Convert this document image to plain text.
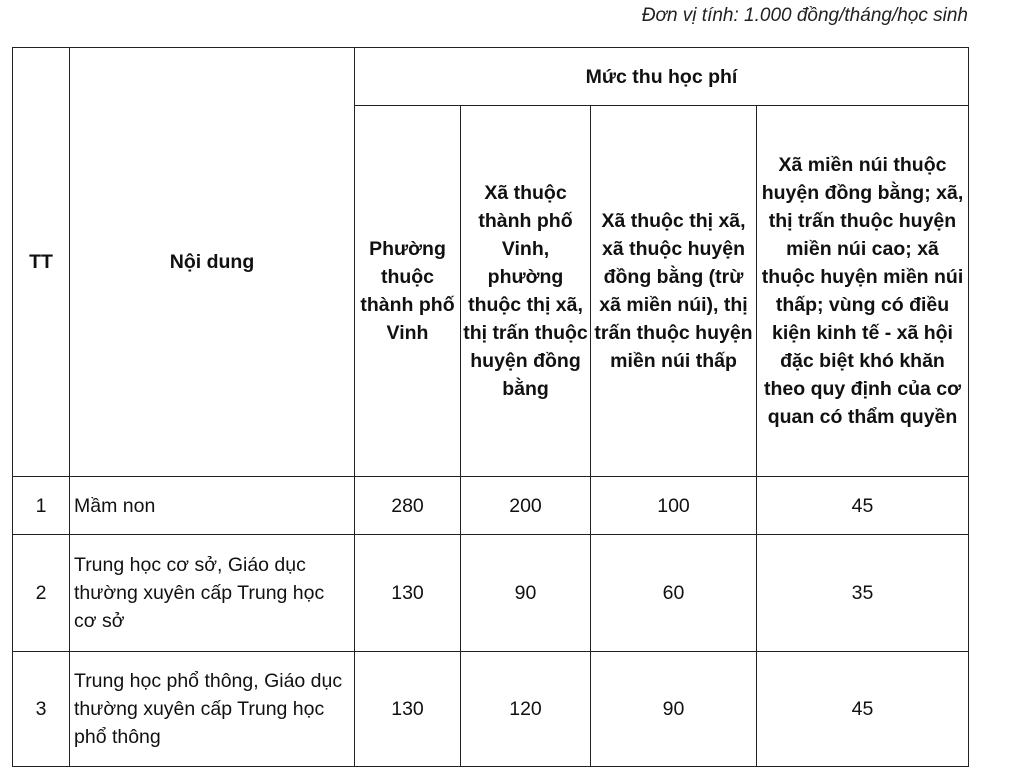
Đơn vị tính: 1.000 đồng/tháng/học sinh
TT	Nội dung	Mức thu học phí			
		Phường thuộc thành phố Vinh	Xã thuộc thành phố Vinh, phường thuộc thị xã, thị trấn thuộc huyện đồng bằng	Xã thuộc thị xã, xã thuộc huyện đồng bằng (trừ xã miền núi), thị trấn thuộc huyện miền núi thấp	Xã miền núi thuộc huyện đồng bằng; xã, thị trấn thuộc huyện miền núi cao; xã thuộc huyện miền núi thấp; vùng có điều kiện kinh tế - xã hội đặc biệt khó khăn theo quy định của cơ quan có thẩm quyền
1	Mầm non	280	200	100	45
2	Trung học cơ sở, Giáo dục thường xuyên cấp Trung học cơ sở	130	90	60	35
3	Trung học phổ thông, Giáo dục thường xuyên cấp Trung học phổ thông	130	120	90	45
